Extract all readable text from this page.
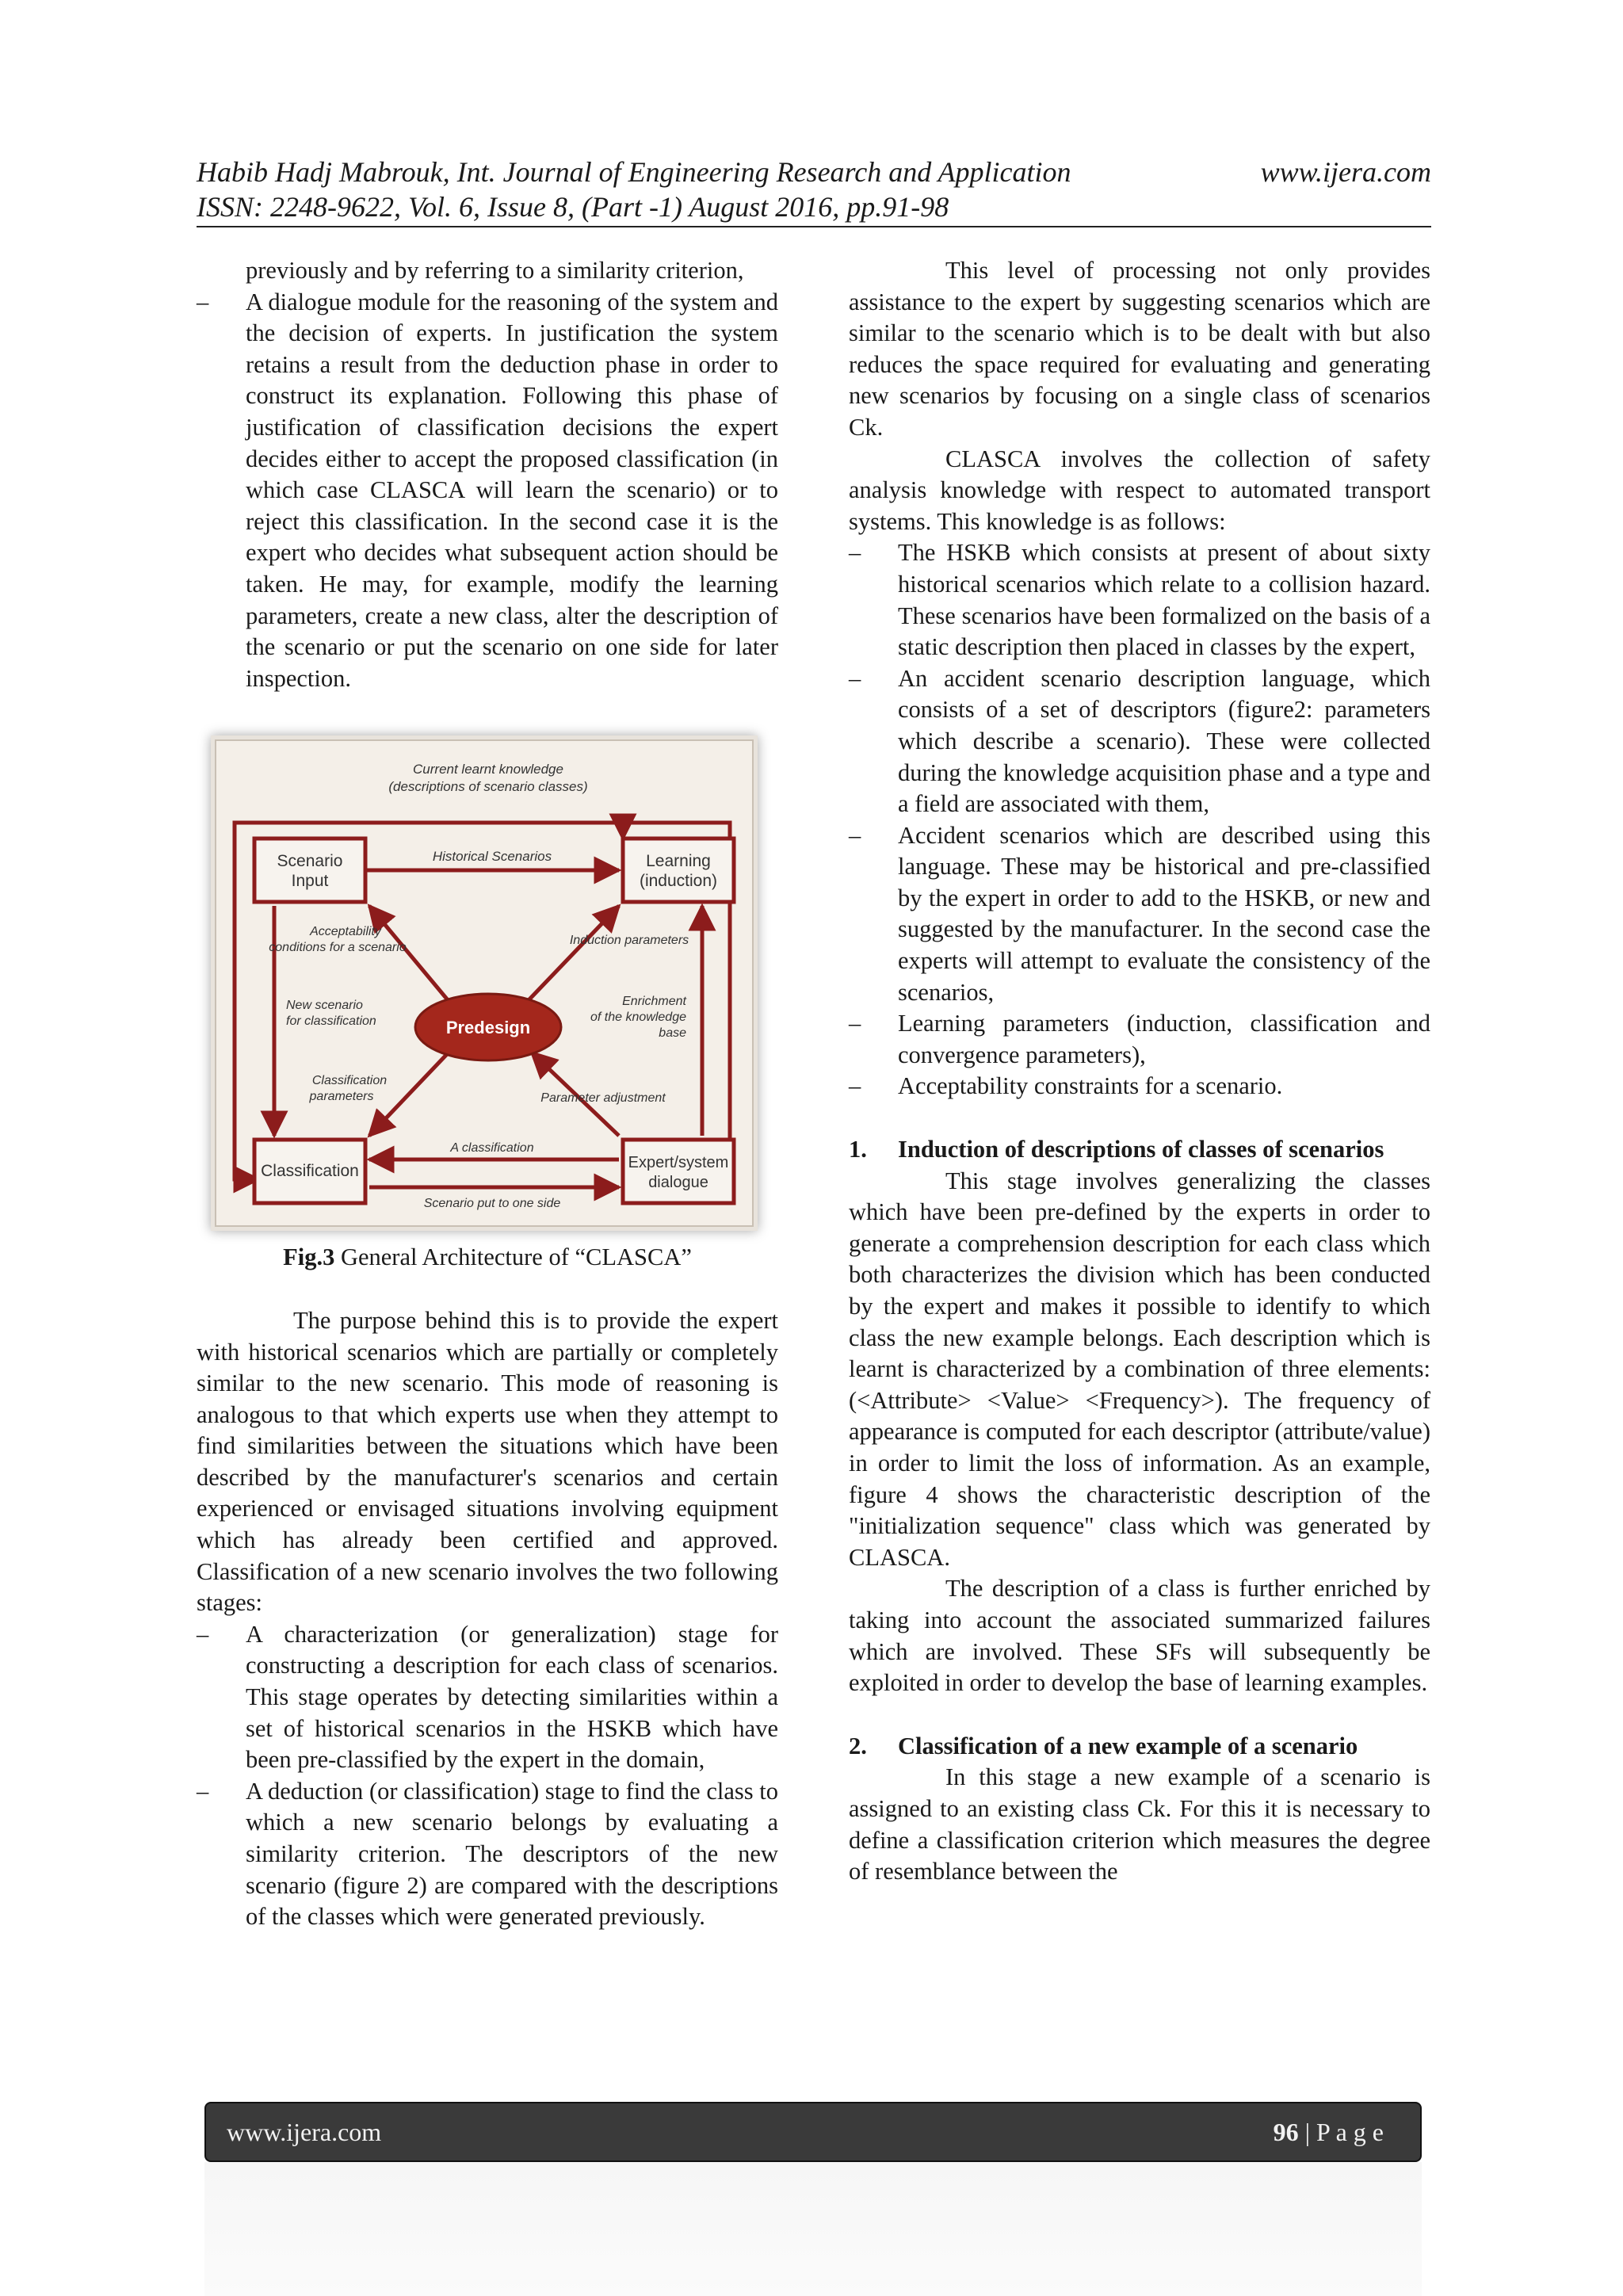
Habib Hadj Mabrouk, Int. Journal of Engineering Research and Application	www.ijera.com
ISSN: 2248-9622, Vol. 6, Issue 8, (Part -1) August 2016, pp.91-98

previously and by referring to a similarity criterion,

– A dialogue module for the reasoning of the system and the decision of experts. In justification the system retains a result from the deduction phase in order to construct its explanation. Following this phase of justification of classification decisions the expert decides either to accept the proposed classification (in which case CLASCA will learn the scenario) or to reject this classification. In the second case it is the expert who decides what subsequent action should be taken. He may, for example, modify the learning parameters, create a new class, alter the description of the scenario or put the scenario on one side for later inspection.

Current learnt knowledge
(descriptions of scenario classes)
Scenario
Input
Learning
(induction)
Historical Scenarios
Acceptability
conditions for a scenario
Induction parameters
New scenario
for classification	Predesign
Enrichment
of the knowledge
base
Classification
parameters	Parameter adjustment
A classification
Classification	Expert/system
dialogue
Scenario put to one side

Fig.3 General Architecture of “CLASCA”

The purpose behind this is to provide the expert with historical scenarios which are partially or completely similar to the new scenario. This mode of reasoning is analogous to that which experts use when they attempt to find similarities between the situations which have been described by the manufacturer's scenarios and certain experienced or envisaged situations involving equipment which has already been certified and approved. Classification of a new scenario involves the two following stages:

– A characterization (or generalization) stage for constructing a description for each class of scenarios. This stage operates by detecting similarities within a set of historical scenarios in the HSKB which have been pre-classified by the expert in the domain,

– A deduction (or classification) stage to find the class to which a new scenario belongs by evaluating a similarity criterion. The descriptors of the new scenario (figure 2) are compared with the descriptions of the classes which were generated previously.

This level of processing not only provides assistance to the expert by suggesting scenarios which are similar to the scenario which is to be dealt with but also reduces the space required for evaluating and generating new scenarios by focusing on a single class of scenarios Ck.

CLASCA involves the collection of safety analysis knowledge with respect to automated transport systems. This knowledge is as follows:

– The HSKB which consists at present of about sixty historical scenarios which relate to a collision hazard. These scenarios have been formalized on the basis of a static description then placed in classes by the expert,

– An accident scenario description language, which consists of a set of descriptors (figure2: parameters which describe a scenario). These were collected during the knowledge acquisition phase and a type and a field are associated with them,

– Accident scenarios which are described using this language. These may be historical and pre-classified by the expert in order to add to the HSKB, or new and suggested by the manufacturer. In the second case the experts will attempt to evaluate the consistency of the scenarios,

– Learning parameters (induction, classification and convergence parameters),

– Acceptability constraints for a scenario.

1. Induction of descriptions of classes of scenarios

This stage involves generalizing the classes which have been pre-defined by the experts in order to generate a comprehension description for each class which both characterizes the division which has been conducted by the expert and makes it possible to identify to which class the new example belongs. Each description which is learnt is characterized by a combination of three elements: (<Attribute> <Value> <Frequency>). The frequency of appearance is computed for each descriptor (attribute/value) in order to limit the loss of information. As an example, figure 4 shows the characteristic description of the "initialization sequence" class which was generated by CLASCA.

The description of a class is further enriched by taking into account the associated summarized failures which are involved. These SFs will subsequently be exploited in order to develop the base of learning examples.

2. Classification of a new example of a scenario

In this stage a new example of a scenario is assigned to an existing class Ck. For this it is necessary to define a classification criterion which measures the degree of resemblance between the

www.ijera.com	96 | P a g e
